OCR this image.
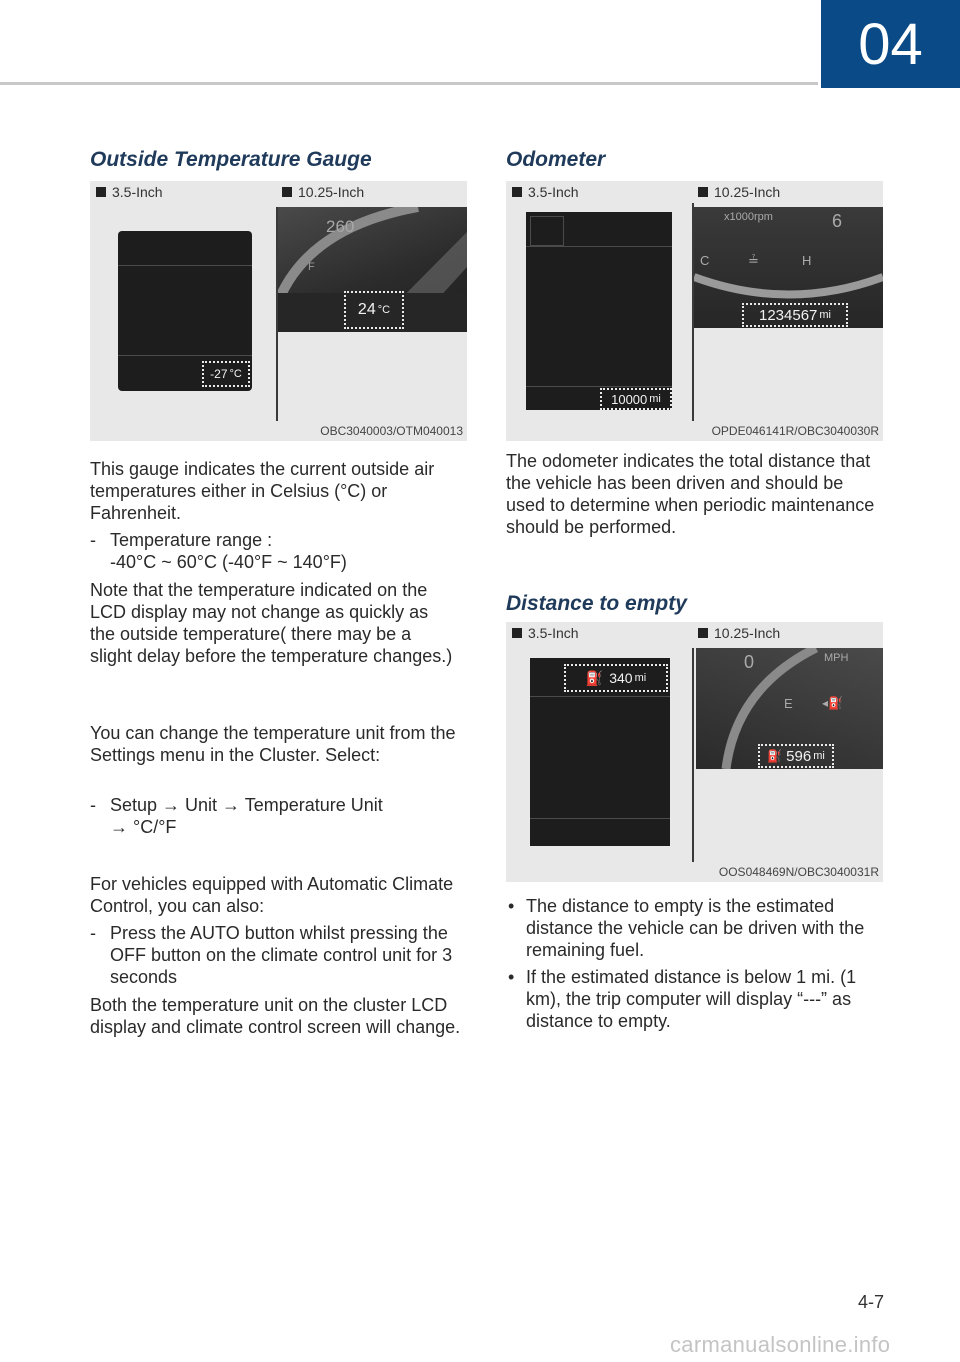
04
Outside Temperature Gauge
3.5-Inch	10.25-Inch
-27 °C
260
F
24 °C
OBC3040003/OTM040013

This gauge indicates the current outside air temperatures either in Celsius (°C) or Fahrenheit.

- Temperature range :
-40°C ~ 60°C (-40°F ~ 140°F)

Note that the temperature indicated on the LCD display may not change as quickly as the outside temperature( there may be a slight delay before the temperature changes.)

You can change the temperature unit from the Settings menu in the Cluster. Select:

- Setup → Unit → Temperature Unit
→ °C/°F

For vehicles equipped with Automatic Climate Control, you can also:

- Press the AUTO button whilst pressing the OFF button on the climate control unit for 3 seconds

Both the temperature unit on the cluster LCD display and climate control screen will change.

Odometer
3.5-Inch	10.25-Inch
10000 mi
x1000rpm	6
C	≟	H
1234567 mi
OPDE046141R/OBC3040030R

The odometer indicates the total distance that the vehicle has been driven and should be used to determine when periodic maintenance should be performed.

Distance to empty
3.5-Inch	10.25-Inch
⛽ 340 mi
0	MPH
E ◂⛽
⛽ 596 mi
OOS048469N/OBC3040031R
• The distance to empty is the estimated distance the vehicle can be driven with the remaining fuel.
• If the estimated distance is below 1 mi. (1 km), the trip computer will display “---” as distance to empty.
4-7
carmanualsonline.info
